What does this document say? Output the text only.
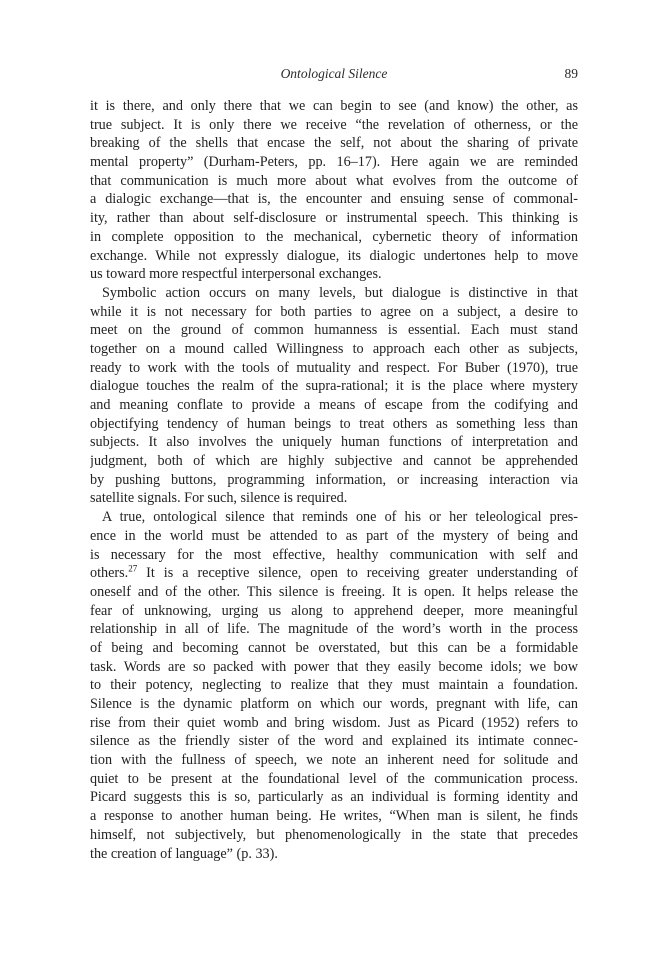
Ontological Silence	89
it is there, and only there that we can begin to see (and know) the other, as
true subject. It is only there we receive “the revelation of otherness, or the
breaking of the shells that encase the self, not about the sharing of private
mental property” (Durham-Peters, pp. 16–17). Here again we are reminded
that communication is much more about what evolves from the outcome of
a dialogic exchange—that is, the encounter and ensuing sense of commonal-
ity, rather than about self-disclosure or instrumental speech. This thinking is
in complete opposition to the mechanical, cybernetic theory of information
exchange. While not expressly dialogue, its dialogic undertones help to move
us toward more respectful interpersonal exchanges.
Symbolic action occurs on many levels, but dialogue is distinctive in that
while it is not necessary for both parties to agree on a subject, a desire to
meet on the ground of common humanness is essential. Each must stand
together on a mound called Willingness to approach each other as subjects,
ready to work with the tools of mutuality and respect. For Buber (1970), true
dialogue touches the realm of the supra-rational; it is the place where mystery
and meaning conflate to provide a means of escape from the codifying and
objectifying tendency of human beings to treat others as something less than
subjects. It also involves the uniquely human functions of interpretation and
judgment, both of which are highly subjective and cannot be apprehended
by pushing buttons, programming information, or increasing interaction via
satellite signals. For such, silence is required.
A true, ontological silence that reminds one of his or her teleological pres-
ence in the world must be attended to as part of the mystery of being and
is necessary for the most effective, healthy communication with self and
others.$^{27}$ It is a receptive silence, open to receiving greater understanding of
oneself and of the other. This silence is freeing. It is open. It helps release the
fear of unknowing, urging us along to apprehend deeper, more meaningful
relationship in all of life. The magnitude of the word’s worth in the process
of being and becoming cannot be overstated, but this can be a formidable
task. Words are so packed with power that they easily become idols; we bow
to their potency, neglecting to realize that they must maintain a foundation.
Silence is the dynamic platform on which our words, pregnant with life, can
rise from their quiet womb and bring wisdom. Just as Picard (1952) refers to
silence as the friendly sister of the word and explained its intimate connec-
tion with the fullness of speech, we note an inherent need for solitude and
quiet to be present at the foundational level of the communication process.
Picard suggests this is so, particularly as an individual is forming identity and
a response to another human being. He writes, “When man is silent, he finds
himself, not subjectively, but phenomenologically in the state that precedes
the creation of language” (p. 33).
